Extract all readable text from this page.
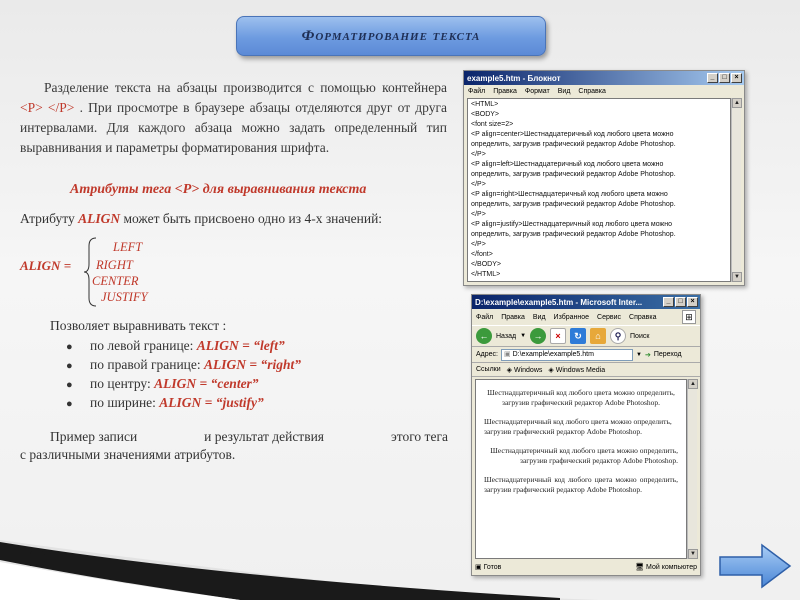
Форматирование текста
Разделение текста на абзацы производится с помощью контейнера <P> </P> . При просмотре в браузере абзацы отделяются друг от друга интервалами. Для каждого абзаца можно задать определенный тип выравнивания и параметры форматирования шрифта.
Атрибуты тега <P> для выравнивания текста
Атрибуту ALIGN может быть присвоено одно из 4-х значений:
ALIGN =
LEFT
RIGHT
CENTER
JUSTIFY
Позволяет выравнивать текст :
● по левой границе: ALIGN = “left”
● по правой границе: ALIGN = “right”
● по центру: ALIGN = “center”
● по ширине: ALIGN = “justify”
Пример записи	и результат действия	этого тега
с различными значениями атрибутов.
10
example5.htm - Блокнот	_	□	×
Файл Правка Формат Вид Справка
<HTML>
<BODY>
<font size=2>
<P align=center>Шестнадцатеричный код любого цвета можно
определить, загрузив графический редактор Adobe Photoshop.
</P>
<P align=left>Шестнадцатеричный код любого цвета можно
определить, загрузив графический редактор Adobe Photoshop.
</P>
<P align=right>Шестнадцатеричный код любого цвета можно
определить, загрузив графический редактор Adobe Photoshop.
</P>
<P align=justify>Шестнадцатеричный код любого цвета можно
определить, загрузив графический редактор Adobe Photoshop.
</P>
</font>
</BODY>
</HTML>
▲
▼
D:\example\example5.htm - Microsoft Inter...	_	□	×
Файл Правка Вид Избранное Сервис Справка	⊞
←	Назад ▼ →	×	↻	⌂	⚲	Поиск
Адрес: ▣ D:\example\example5.htm	▼ ➔ Переход
Ссылки ◈ Windows ◈ Windows Media

Шестнадцатеричный код любого цвета можно определить, загрузив графический редактор Adobe Photoshop.

Шестнадцатеричный код любого цвета можно определить, загрузив графический редактор Adobe Photoshop.

Шестнадцатеричный код любого цвета можно определить, загрузив графический редактор Adobe Photoshop.

Шестнадцатеричный код любого цвета можно определить, загрузив графический редактор Adobe Photoshop.

▲
▼
▣ Готов	🖥 Мой компьютер
